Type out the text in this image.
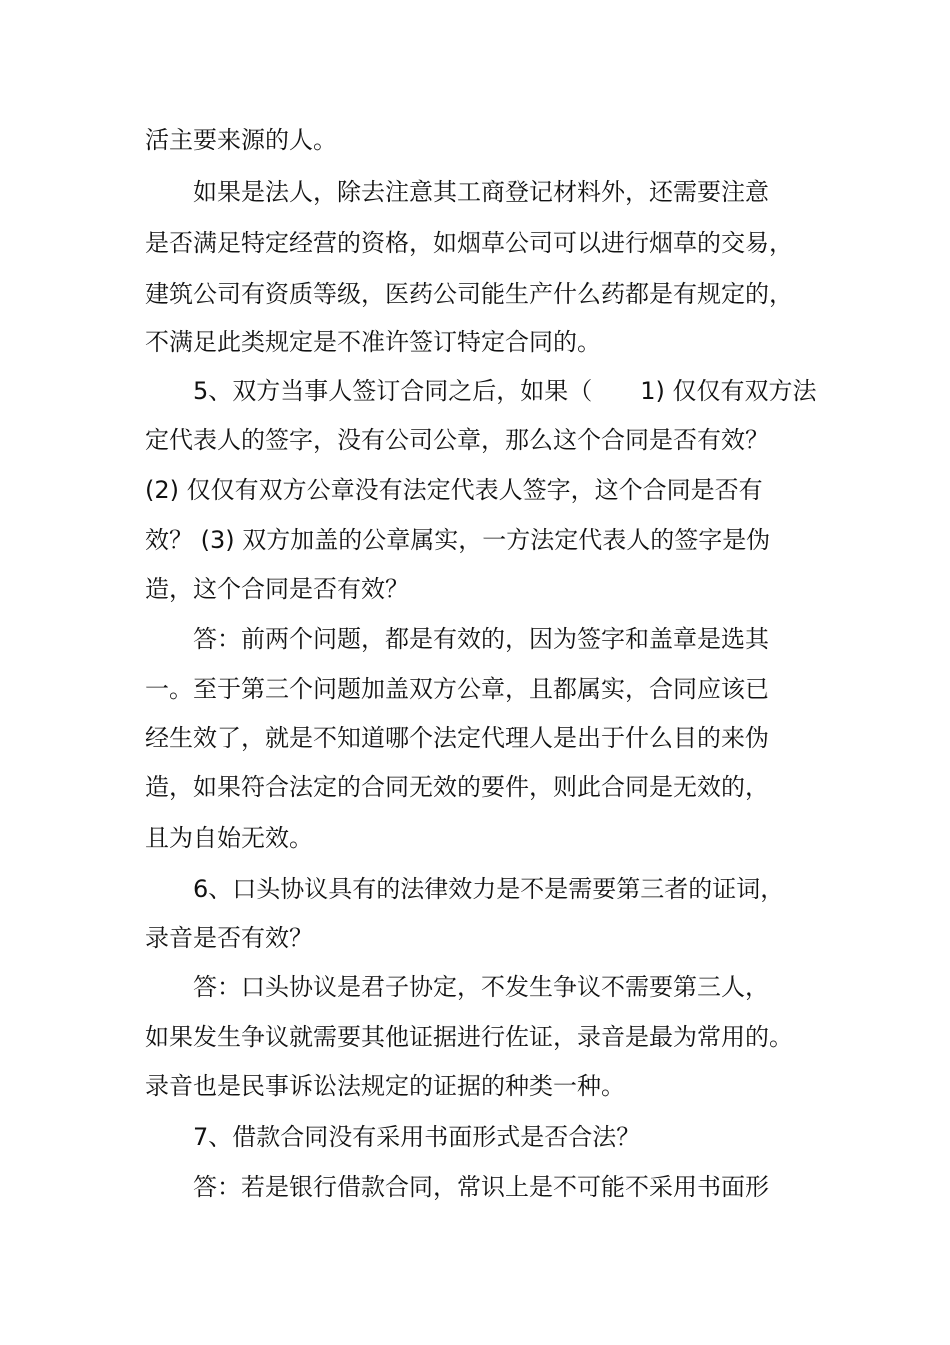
活主要来源的人。
如果是法人，除去注意其工商登记材料外，还需要注意
是否满足特定经营的资格，如烟草公司可以进行烟草的交易，
建筑公司有资质等级，医药公司能生产什么药都是有规定的，
不满足此类规定是不准许签订特定合同的。
5、双方当事人签订合同之后，如果（　　1) 仅仅有双方法
定代表人的签字，没有公司公章，那么这个合同是否有效？
(2) 仅仅有双方公章没有法定代表人签字，这个合同是否有
效？ (3) 双方加盖的公章属实，一方法定代表人的签字是伪
造，这个合同是否有效？
答：前两个问题，都是有效的，因为签字和盖章是选其
一。至于第三个问题加盖双方公章，且都属实，合同应该已
经生效了，就是不知道哪个法定代理人是出于什么目的来伪
造，如果符合法定的合同无效的要件，则此合同是无效的，
且为自始无效。
6、口头协议具有的法律效力是不是需要第三者的证词，
录音是否有效？
答：口头协议是君子协定，不发生争议不需要第三人，
如果发生争议就需要其他证据进行佐证，录音是最为常用的。
录音也是民事诉讼法规定的证据的种类一种。
7、借款合同没有采用书面形式是否合法？
答：若是银行借款合同，常识上是不可能不采用书面形
